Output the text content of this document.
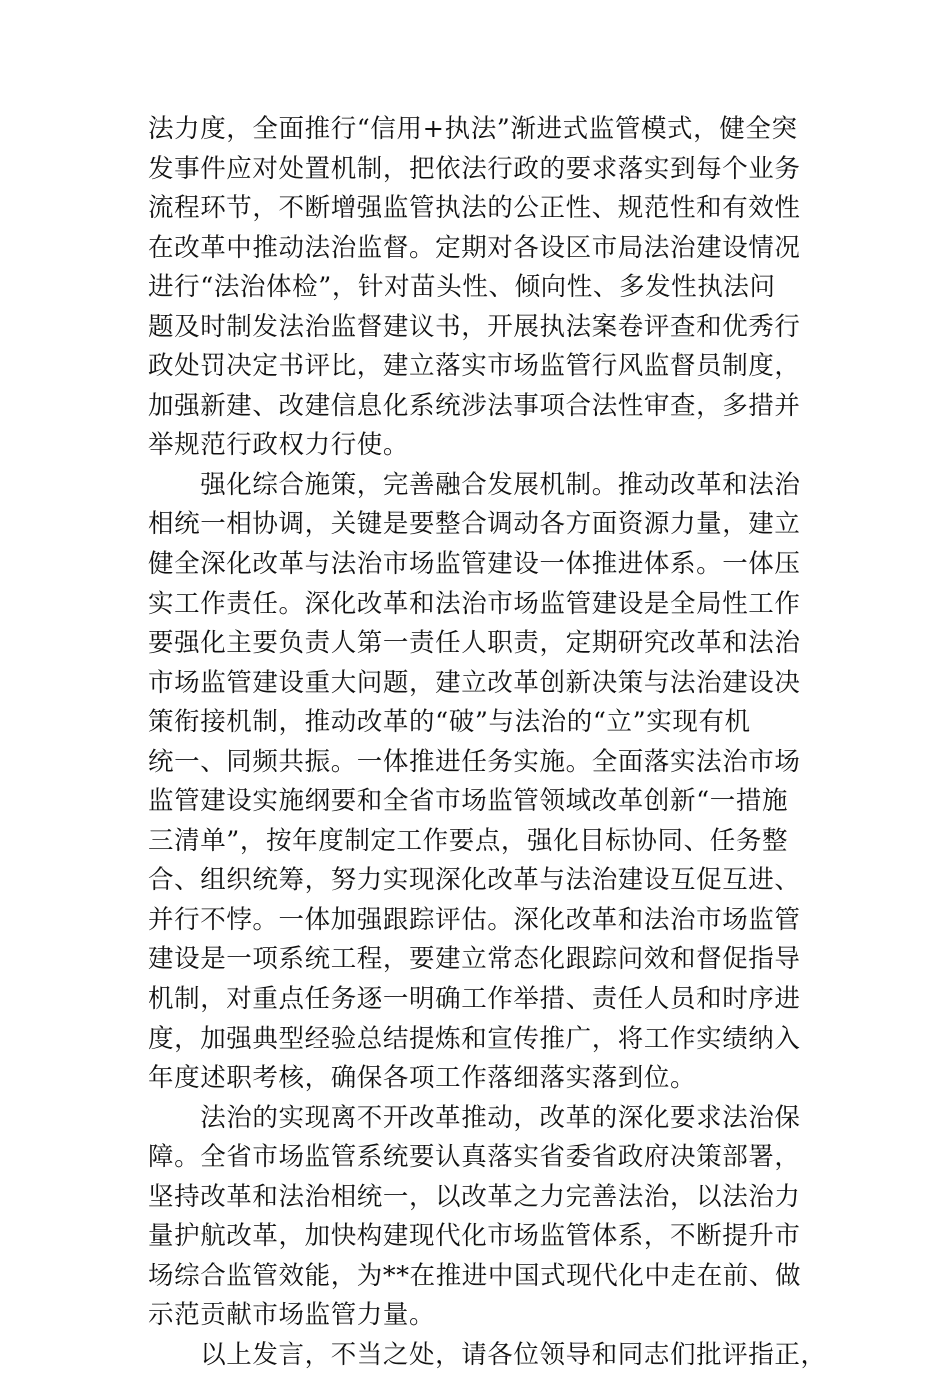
法力度，全面推行“信用+执法”渐进式监管模式，健全突
发事件应对处置机制，把依法行政的要求落实到每个业务
流程环节，不断增强监管执法的公正性、规范性和有效性
在改革中推动法治监督。定期对各设区市局法治建设情况
进行“法治体检”，针对苗头性、倾向性、多发性执法问
题及时制发法治监督建议书，开展执法案卷评查和优秀行
政处罚决定书评比，建立落实市场监管行风监督员制度，
加强新建、改建信息化系统涉法事项合法性审查，多措并
举规范行政权力行使。
　　强化综合施策，完善融合发展机制。推动改革和法治
相统一相协调，关键是要整合调动各方面资源力量，建立
健全深化改革与法治市场监管建设一体推进体系。一体压
实工作责任。深化改革和法治市场监管建设是全局性工作
要强化主要负责人第一责任人职责，定期研究改革和法治
市场监管建设重大问题，建立改革创新决策与法治建设决
策衔接机制，推动改革的“破”与法治的“立”实现有机
统一、同频共振。一体推进任务实施。全面落实法治市场
监管建设实施纲要和全省市场监管领域改革创新“一措施
三清单”，按年度制定工作要点，强化目标协同、任务整
合、组织统筹，努力实现深化改革与法治建设互促互进、
并行不悖。一体加强跟踪评估。深化改革和法治市场监管
建设是一项系统工程，要建立常态化跟踪问效和督促指导
机制，对重点任务逐一明确工作举措、责任人员和时序进
度，加强典型经验总结提炼和宣传推广，将工作实绩纳入
年度述职考核，确保各项工作落细落实落到位。
　　法治的实现离不开改革推动，改革的深化要求法治保
障。全省市场监管系统要认真落实省委省政府决策部署，
坚持改革和法治相统一，以改革之力完善法治，以法治力
量护航改革，加快构建现代化市场监管体系，不断提升市
场综合监管效能，为**在推进中国式现代化中走在前、做
示范贡献市场监管力量。
　　以上发言，不当之处，请各位领导和同志们批评指正，
